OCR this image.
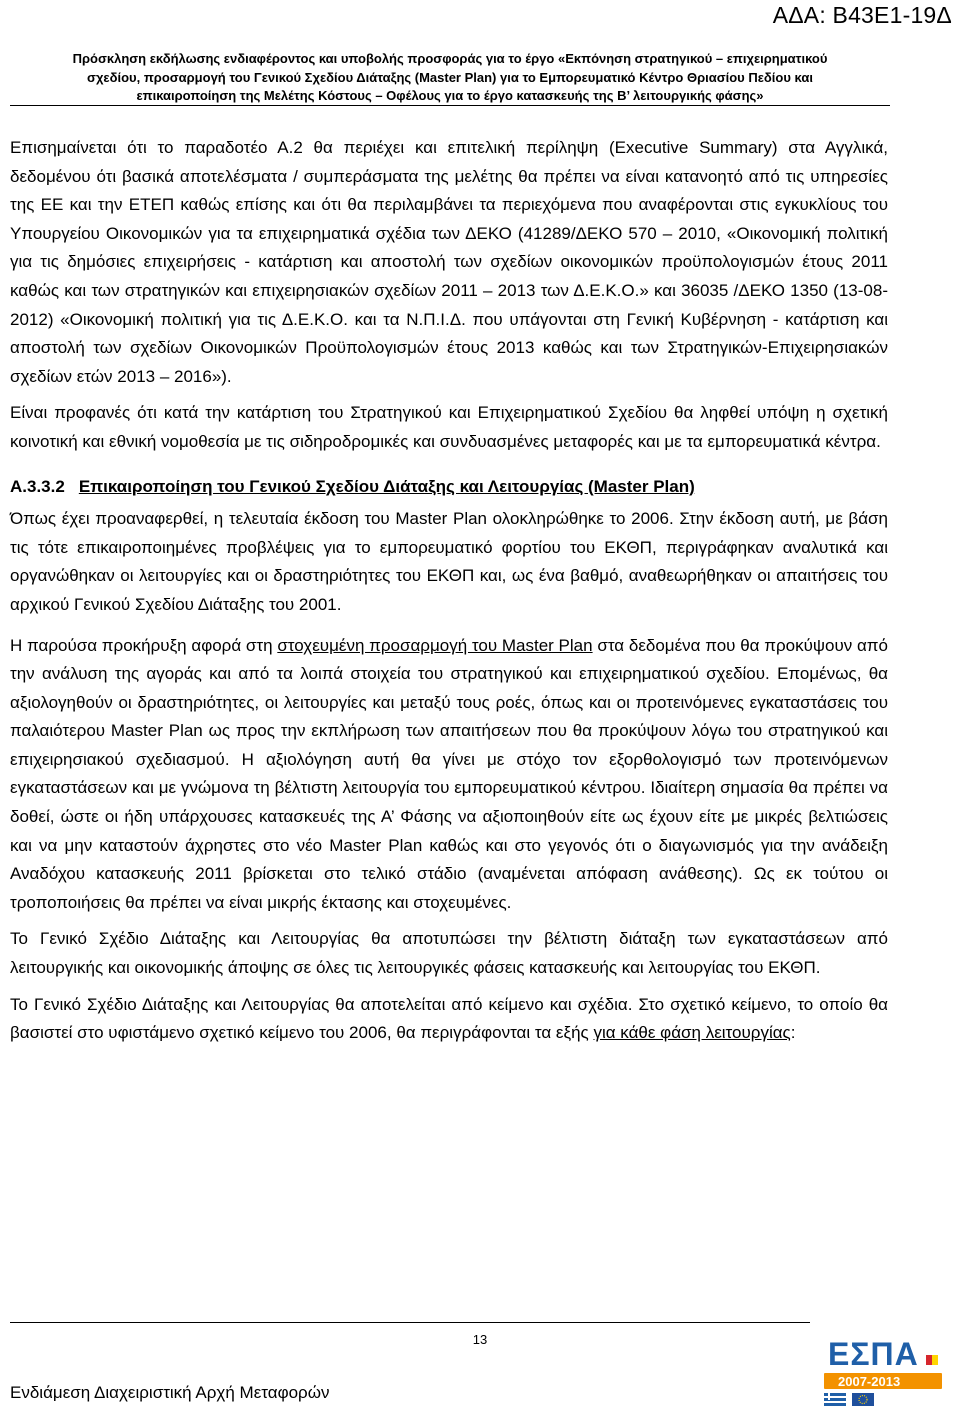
ΑΔΑ: Β43Ε1-19Δ
Πρόσκληση εκδήλωσης ενδιαφέροντος και υποβολής προσφοράς για το έργο «Εκπόνηση στρατηγικού – επιχειρηματικού
σχεδίου, προσαρμογή του Γενικού Σχεδίου Διάταξης (Master Plan) για το Εμπορευματικό Κέντρο Θριασίου Πεδίου και
επικαιροποίηση της Μελέτης Κόστους – Οφέλους για το έργο κατασκευής της Β’ λειτουργικής φάσης»

Επισημαίνεται ότι το παραδοτέο Α.2 θα περιέχει και επιτελική περίληψη (Executive Summary) στα Αγγλικά, δεδομένου ότι βασικά αποτελέσματα / συμπεράσματα της μελέτης θα πρέπει να είναι κατανοητό από τις υπηρεσίες της ΕΕ και την ΕΤΕΠ καθώς επίσης και ότι θα περιλαμβάνει τα περιεχόμενα που αναφέρονται στις εγκυκλίους του Υπουργείου Οικονομικών για τα επιχειρηματικά σχέδια των ΔΕΚΟ (41289/ΔΕΚΟ 570 – 2010, «Οικονομική πολιτική για τις δημόσιες επιχειρήσεις - κατάρτιση και αποστολή των σχεδίων οικονομικών προϋπολογισμών έτους 2011 καθώς και των στρατηγικών και επιχειρησιακών σχεδίων 2011 – 2013 των Δ.Ε.Κ.Ο.» και 36035 /ΔΕΚΟ 1350 (13-08-2012) «Οικονομική πολιτική για τις Δ.Ε.Κ.Ο. και τα Ν.Π.Ι.Δ. που υπάγονται στη Γενική Κυβέρνηση - κατάρτιση και αποστολή των σχεδίων Οικονομικών Προϋπολογισμών έτους 2013 καθώς και των Στρατηγικών-Επιχειρησιακών σχεδίων ετών 2013 – 2016»).

Είναι προφανές ότι κατά την κατάρτιση του Στρατηγικού και Επιχειρηματικού Σχεδίου θα ληφθεί υπόψη η σχετική κοινοτική και εθνική νομοθεσία με τις σιδηροδρομικές και συνδυασμένες μεταφορές και με τα εμπορευματικά κέντρα.

Α.3.3.2 Επικαιροποίηση του Γενικού Σχεδίου Διάταξης και Λειτουργίας (Master Plan)

Όπως έχει προαναφερθεί, η τελευταία έκδοση του Master Plan ολοκληρώθηκε το 2006. Στην έκδοση αυτή, με βάση τις τότε επικαιροποιημένες προβλέψεις για το εμπορευματικό φορτίου του ΕΚΘΠ, περιγράφηκαν αναλυτικά και οργανώθηκαν οι λειτουργίες και οι δραστηριότητες του ΕΚΘΠ και, ως ένα βαθμό, αναθεωρήθηκαν οι απαιτήσεις του αρχικού Γενικού Σχεδίου Διάταξης του 2001.

Η παρούσα προκήρυξη αφορά στη στοχευμένη προσαρμογή του Master Plan στα δεδομένα που θα προκύψουν από την ανάλυση της αγοράς και από τα λοιπά στοιχεία του στρατηγικού και επιχειρηματικού σχεδίου. Επομένως, θα αξιολογηθούν οι δραστηριότητες, οι λειτουργίες και μεταξύ τους ροές, όπως και οι προτεινόμενες εγκαταστάσεις του παλαιότερου Master Plan ως προς την εκπλήρωση των απαιτήσεων που θα προκύψουν λόγω του στρατηγικού και επιχειρησιακού σχεδιασμού. Η αξιολόγηση αυτή θα γίνει με στόχο τον εξορθολογισμό των προτεινόμενων εγκαταστάσεων και με γνώμονα τη βέλτιστη λειτουργία του εμπορευματικού κέντρου. Ιδιαίτερη σημασία θα πρέπει να δοθεί, ώστε οι ήδη υπάρχουσες κατασκευές της Α’ Φάσης να αξιοποιηθούν είτε ως έχουν είτε με μικρές βελτιώσεις και να μην καταστούν άχρηστες στο νέο Master Plan καθώς και στο γεγονός ότι ο διαγωνισμός για την ανάδειξη Αναδόχου κατασκευής 2011 βρίσκεται στο τελικό στάδιο (αναμένεται απόφαση ανάθεσης). Ως εκ τούτου οι τροποποιήσεις θα πρέπει να είναι μικρής έκτασης και στοχευμένες.

Το Γενικό Σχέδιο Διάταξης και Λειτουργίας θα αποτυπώσει την βέλτιστη διάταξη των εγκαταστάσεων από λειτουργικής και οικονομικής άποψης σε όλες τις λειτουργικές φάσεις κατασκευής και λειτουργίας του ΕΚΘΠ.

Το Γενικό Σχέδιο Διάταξης και Λειτουργίας θα αποτελείται από κείμενο και σχέδια. Στο σχετικό κείμενο, το οποίο θα βασιστεί στο υφιστάμενο σχετικό κείμενο του 2006, θα περιγράφονται τα εξής για κάθε φάση λειτουργίας:

13
Ενδιάμεση Διαχειριστική Αρχή Μεταφορών
ΕΣΠΑ
2007-2013
